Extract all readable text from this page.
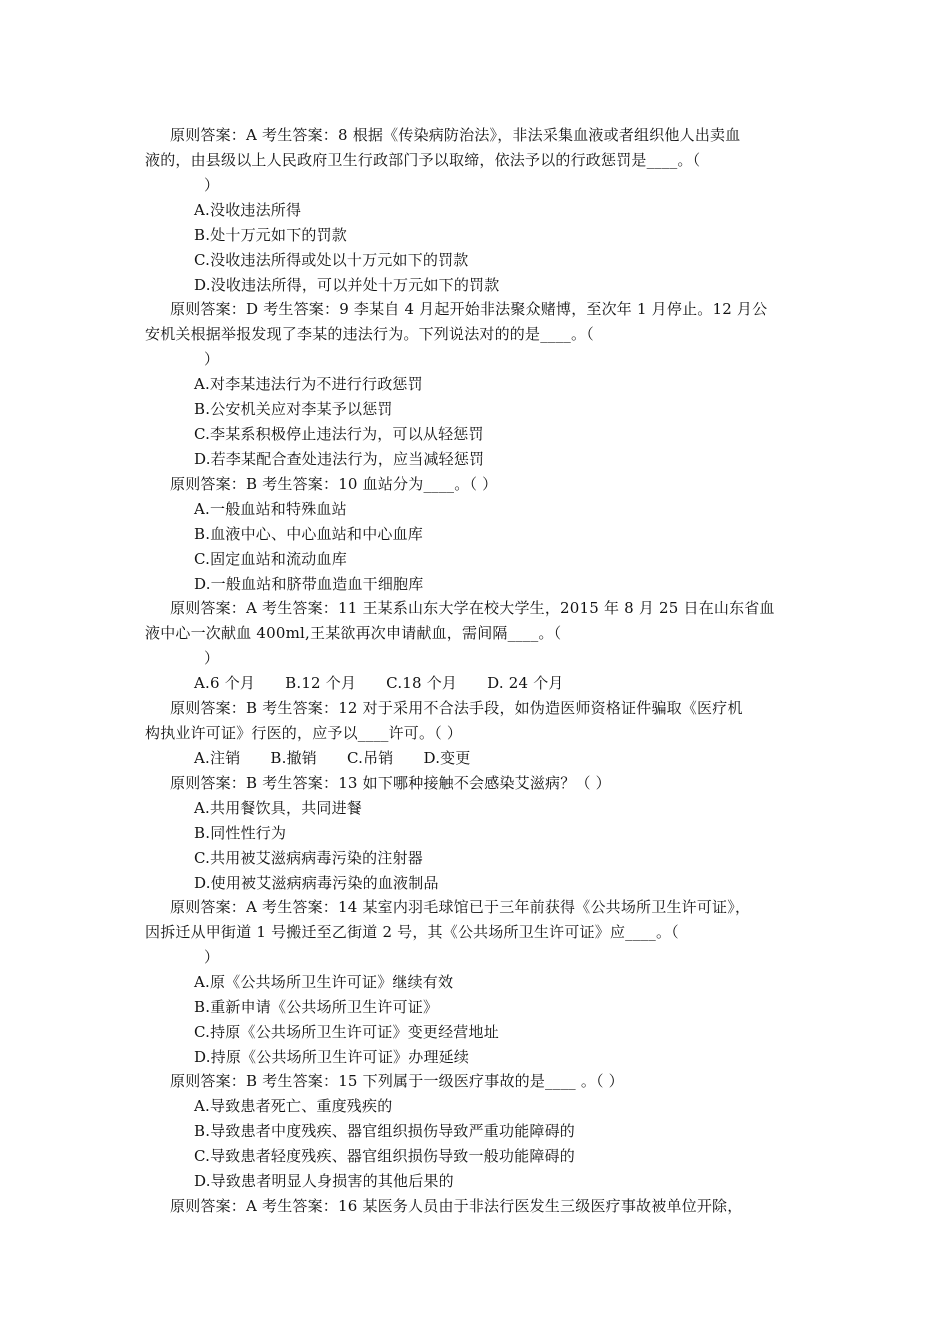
原则答案：A 考生答案：8 根据《传染病防治法》，非法采集血液或者组织他人出卖血
液的，由县级以上人民政府卫生行政部门予以取缔，依法予以的行政惩罚是____。（
）
A.没收违法所得
B.处十万元如下的罚款
C.没收违法所得或处以十万元如下的罚款
D.没收违法所得，可以并处十万元如下的罚款
原则答案：D 考生答案：9 李某自 4 月起开始非法聚众赌博，至次年 1 月停止。12 月公
安机关根据举报发现了李某的违法行为。下列说法对的的是____。（
）
A.对李某违法行为不进行行政惩罚
B.公安机关应对李某予以惩罚
C.李某系积极停止违法行为，可以从轻惩罚
D.若李某配合查处违法行为，应当减轻惩罚
原则答案：B 考生答案：10 血站分为____。（ ）
A.一般血站和特殊血站
B.血液中心、中心血站和中心血库
C.固定血站和流动血库
D.一般血站和脐带血造血干细胞库
原则答案：A 考生答案：11 王某系山东大学在校大学生，2015 年 8 月 25 日在山东省血
液中心一次献血 400ml,王某欲再次申请献血，需间隔____。（
）
A.6 个月 B.12 个月 C.18 个月 D. 24 个月
原则答案：B 考生答案：12 对于采用不合法手段，如伪造医师资格证件骗取《医疗机
构执业许可证》行医的，应予以____许可。（ ）
A.注销 B.撤销 C.吊销 D.变更
原则答案：B 考生答案：13 如下哪种接触不会感染艾滋病？（ ）
A.共用餐饮具，共同进餐
B.同性性行为
C.共用被艾滋病病毒污染的注射器
D.使用被艾滋病病毒污染的血液制品
原则答案：A 考生答案：14 某室内羽毛球馆已于三年前获得《公共场所卫生许可证》，
因拆迁从甲街道 1 号搬迁至乙街道 2 号，其《公共场所卫生许可证》应____。（
）
A.原《公共场所卫生许可证》继续有效
B.重新申请《公共场所卫生许可证》
C.持原《公共场所卫生许可证》变更经营地址
D.持原《公共场所卫生许可证》办理延续
原则答案：B 考生答案：15 下列属于一级医疗事故的是____ 。（ ）
A.导致患者死亡、重度残疾的
B.导致患者中度残疾、器官组织损伤导致严重功能障碍的
C.导致患者轻度残疾、器官组织损伤导致一般功能障碍的
D.导致患者明显人身损害的其他后果的
原则答案：A 考生答案：16 某医务人员由于非法行医发生三级医疗事故被单位开除，
